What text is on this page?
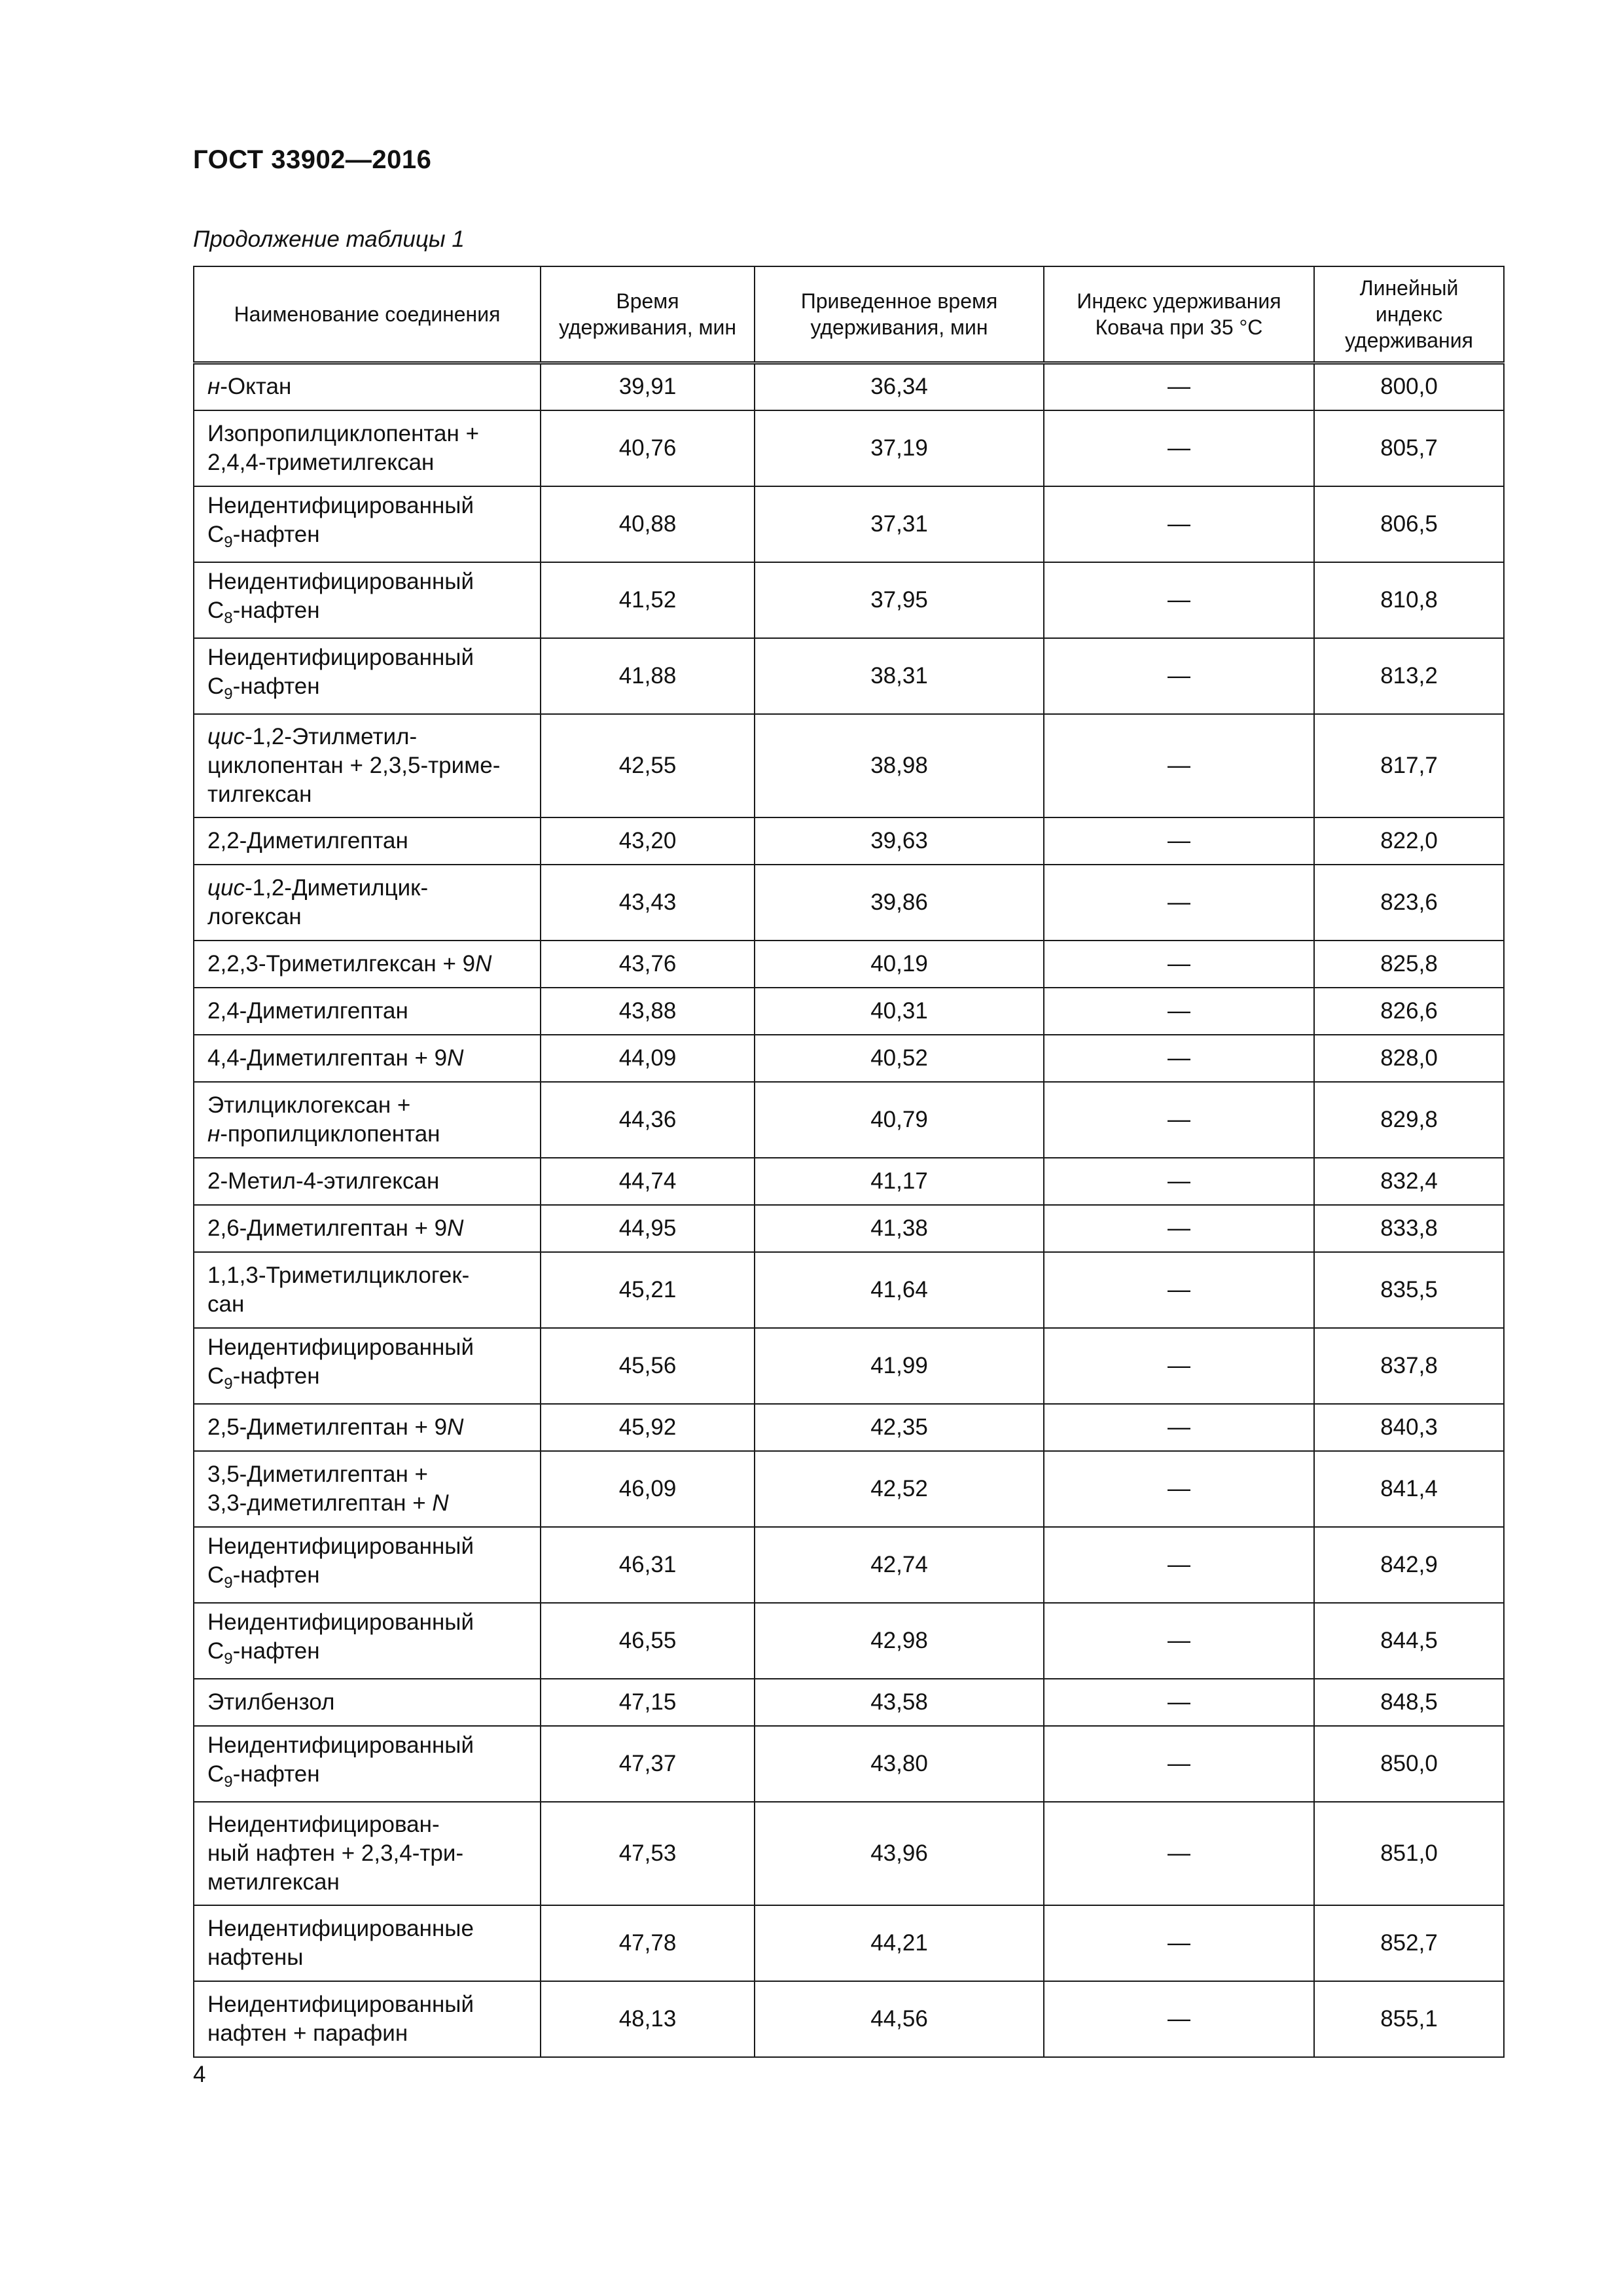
ГОСТ 33902—2016
Продолжение таблицы 1
Наименование соединения	Время удерживания, мин	Приведенное время удерживания, мин	Индекс удерживания Ковача при 35 °С	Линейный индекс удерживания
н-Октан	39,91	36,34	—	800,0
Изопропилциклопентан +
2,4,4-триметилгексан	40,76	37,19	—	805,7
Неидентифицированный
$C_9$-нафтен	40,88	37,31	—	806,5
Неидентифицированный
$C_8$-нафтен	41,52	37,95	—	810,8
Неидентифицированный
$C_9$-нафтен	41,88	38,31	—	813,2
цис-1,2-Этилметил-
циклопентан + 2,3,5-триме-
тилгексан	42,55	38,98	—	817,7
2,2-Диметилгептан	43,20	39,63	—	822,0
цис-1,2-Диметилцик-
логексан	43,43	39,86	—	823,6
2,2,3-Триметилгексан + 9N	43,76	40,19	—	825,8
2,4-Диметилгептан	43,88	40,31	—	826,6
4,4-Диметилгептан + 9N	44,09	40,52	—	828,0
Этилциклогексан +
н-пропилциклопентан	44,36	40,79	—	829,8
2-Метил-4-этилгексан	44,74	41,17	—	832,4
2,6-Диметилгептан + 9N	44,95	41,38	—	833,8
1,1,3-Триметилциклогек-
сан	45,21	41,64	—	835,5
Неидентифицированный
$C_9$-нафтен	45,56	41,99	—	837,8
2,5-Диметилгептан + 9N	45,92	42,35	—	840,3
3,5-Диметилгептан +
3,3-диметилгептан + N	46,09	42,52	—	841,4
Неидентифицированный
$C_9$-нафтен	46,31	42,74	—	842,9
Неидентифицированный
$C_9$-нафтен	46,55	42,98	—	844,5
Этилбензол	47,15	43,58	—	848,5
Неидентифицированный
$C_9$-нафтен	47,37	43,80	—	850,0
Неидентифицирован-
ный нафтен + 2,3,4-три-
метилгексан	47,53	43,96	—	851,0
Неидентифицированные
нафтены	47,78	44,21	—	852,7
Неидентифицированный
нафтен + парафин	48,13	44,56	—	855,1
4
